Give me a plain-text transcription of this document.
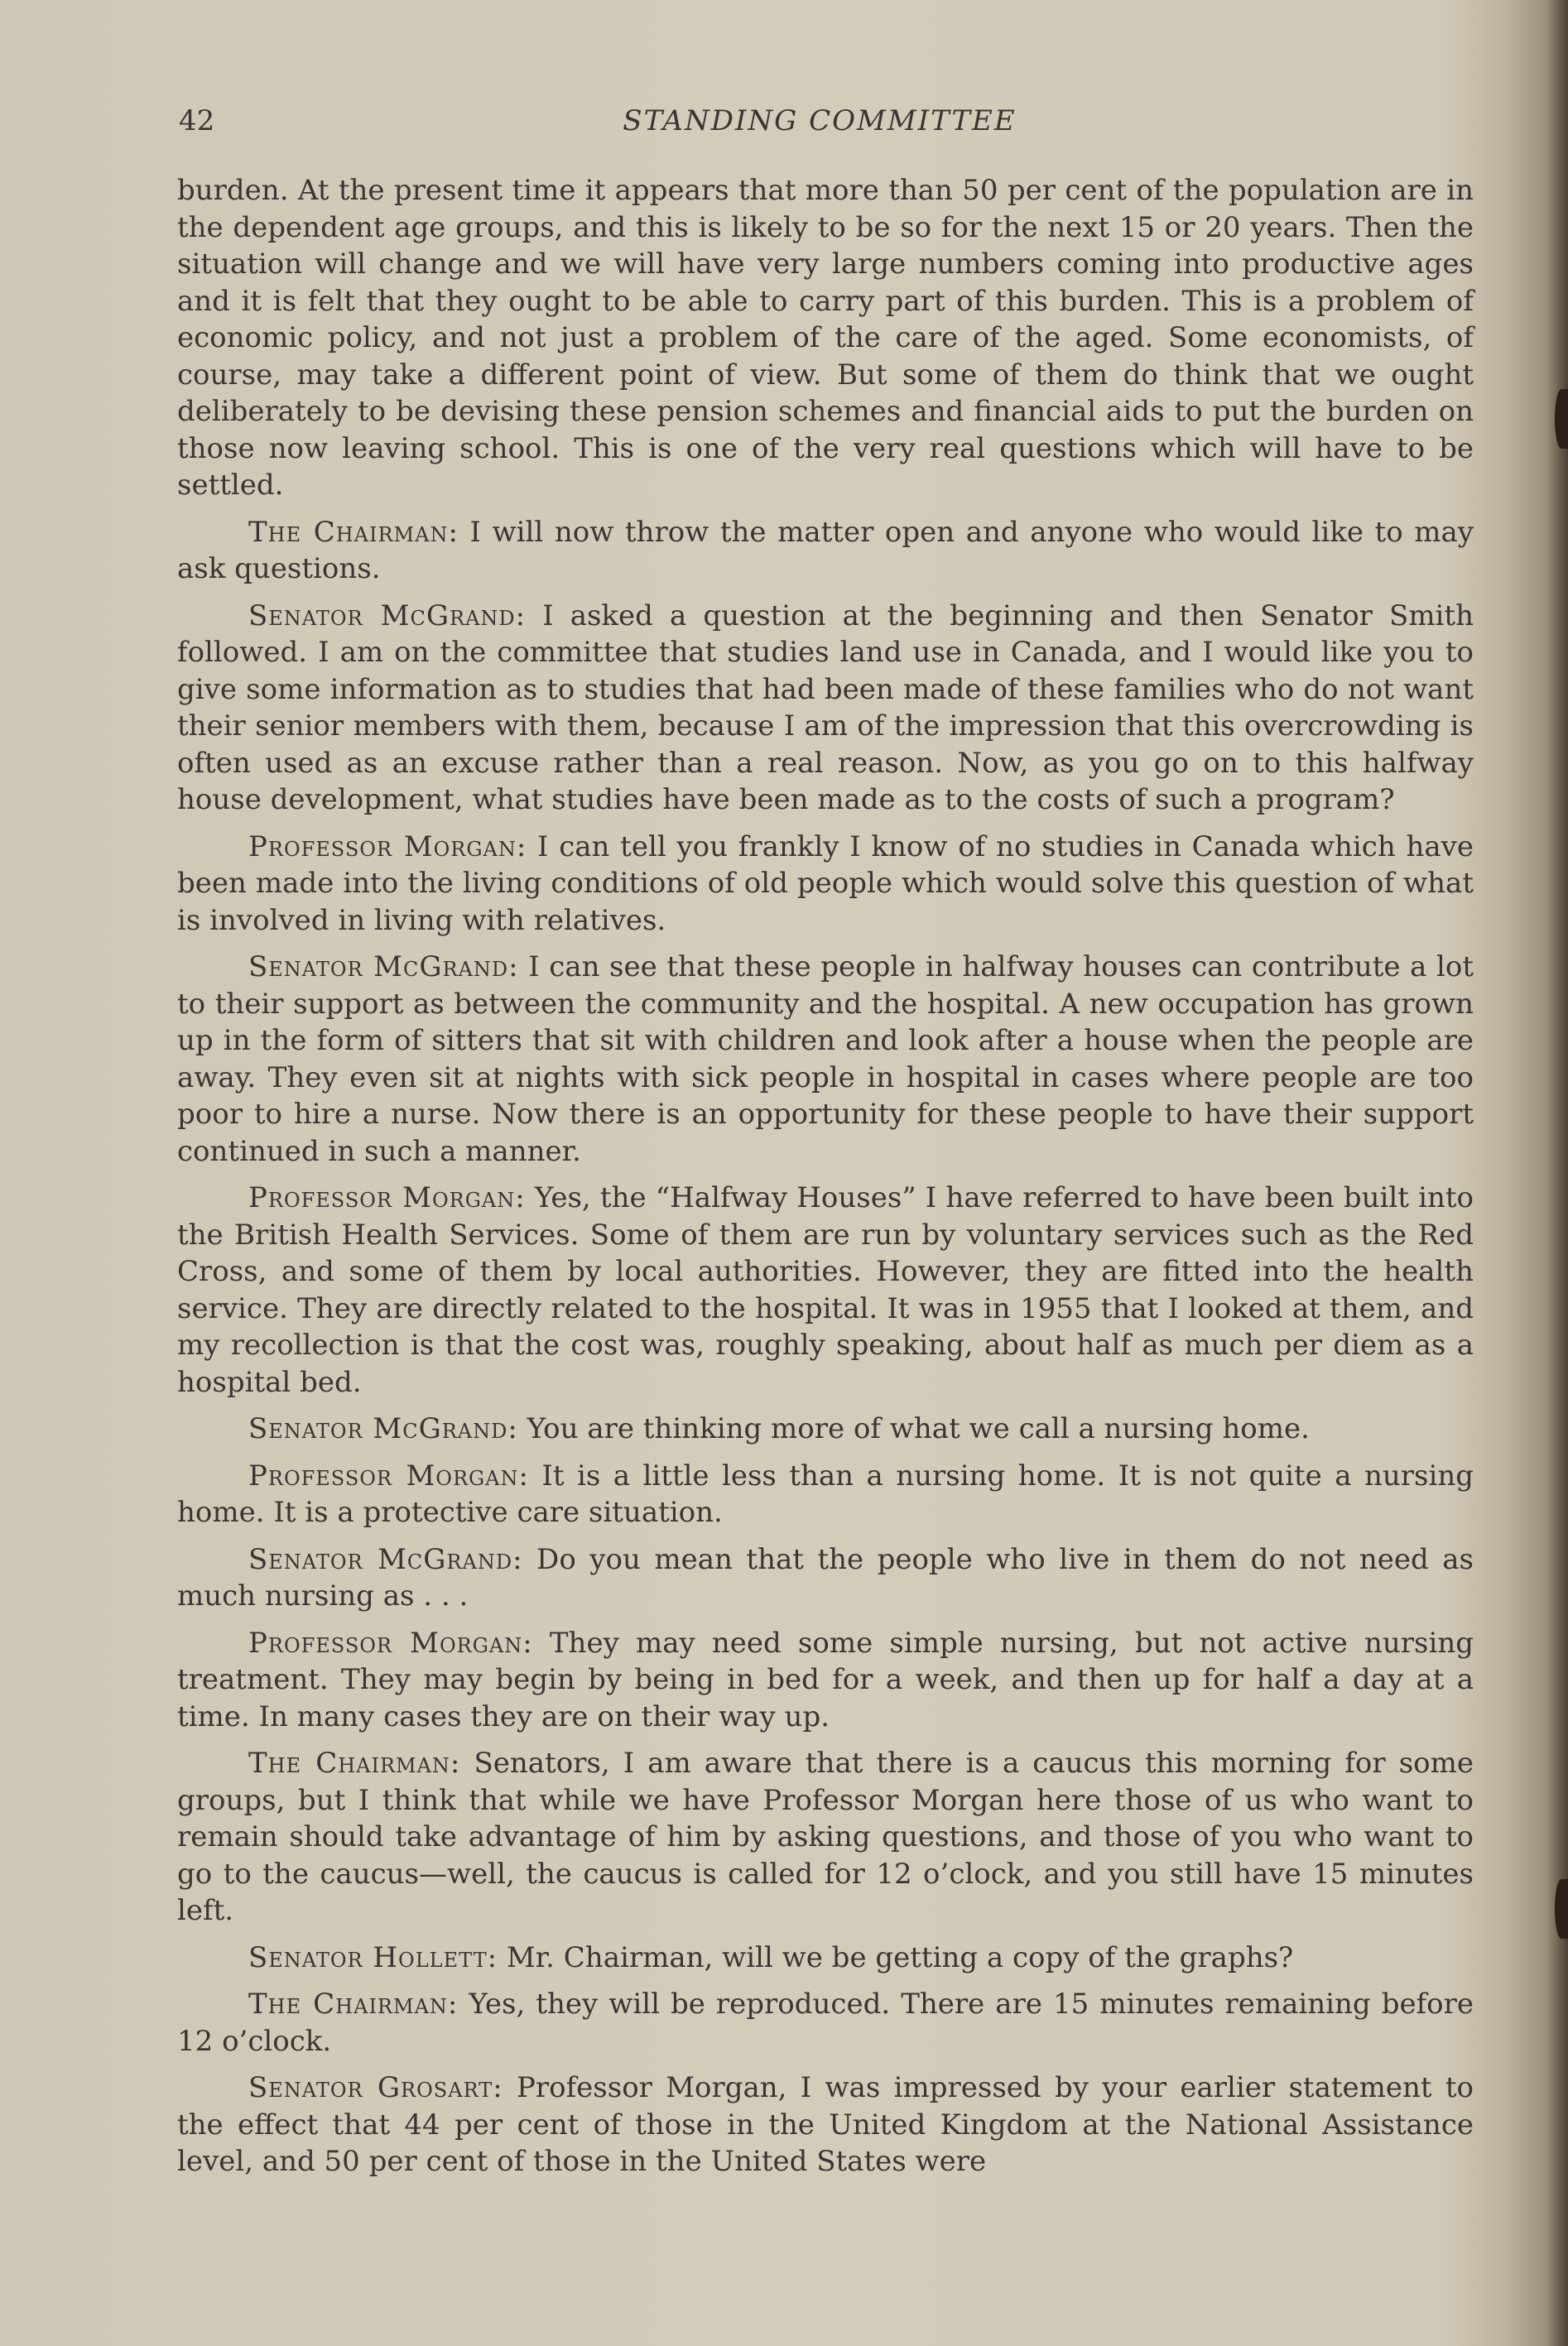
42	STANDING COMMITTEE

burden. At the present time it appears that more than 50 per cent of the population are in the dependent age groups, and this is likely to be so for the next 15 or 20 years. Then the situation will change and we will have very large numbers coming into productive ages and it is felt that they ought to be able to carry part of this burden. This is a problem of economic policy, and not just a problem of the care of the aged. Some economists, of course, may take a different point of view. But some of them do think that we ought deliberately to be devising these pension schemes and financial aids to put the burden on those now leaving school. This is one of the very real questions which will have to be settled.

The Chairman: I will now throw the matter open and anyone who would like to may ask questions.

Senator McGrand: I asked a question at the beginning and then Senator Smith followed. I am on the committee that studies land use in Canada, and I would like you to give some information as to studies that had been made of these families who do not want their senior members with them, because I am of the impression that this overcrowding is often used as an excuse rather than a real reason. Now, as you go on to this halfway house development, what studies have been made as to the costs of such a program?

Professor Morgan: I can tell you frankly I know of no studies in Canada which have been made into the living conditions of old people which would solve this question of what is involved in living with relatives.

Senator McGrand: I can see that these people in halfway houses can contribute a lot to their support as between the community and the hospital. A new occupation has grown up in the form of sitters that sit with children and look after a house when the people are away. They even sit at nights with sick people in hospital in cases where people are too poor to hire a nurse. Now there is an opportunity for these people to have their support continued in such a manner.

Professor Morgan: Yes, the “Halfway Houses” I have referred to have been built into the British Health Services. Some of them are run by voluntary services such as the Red Cross, and some of them by local authorities. However, they are fitted into the health service. They are directly related to the hospital. It was in 1955 that I looked at them, and my recollection is that the cost was, roughly speaking, about half as much per diem as a hospital bed.

Senator McGrand: You are thinking more of what we call a nursing home.

Professor Morgan: It is a little less than a nursing home. It is not quite a nursing home. It is a protective care situation.

Senator McGrand: Do you mean that the people who live in them do not need as much nursing as . . .

Professor Morgan: They may need some simple nursing, but not active nursing treatment. They may begin by being in bed for a week, and then up for half a day at a time. In many cases they are on their way up.

The Chairman: Senators, I am aware that there is a caucus this morning for some groups, but I think that while we have Professor Morgan here those of us who want to remain should take advantage of him by asking questions, and those of you who want to go to the caucus—well, the caucus is called for 12 o’clock, and you still have 15 minutes left.

Senator Hollett: Mr. Chairman, will we be getting a copy of the graphs?

The Chairman: Yes, they will be reproduced. There are 15 minutes remaining before 12 o’clock.

Senator Grosart: Professor Morgan, I was impressed by your earlier statement to the effect that 44 per cent of those in the United Kingdom at the National Assistance level, and 50 per cent of those in the United States were
